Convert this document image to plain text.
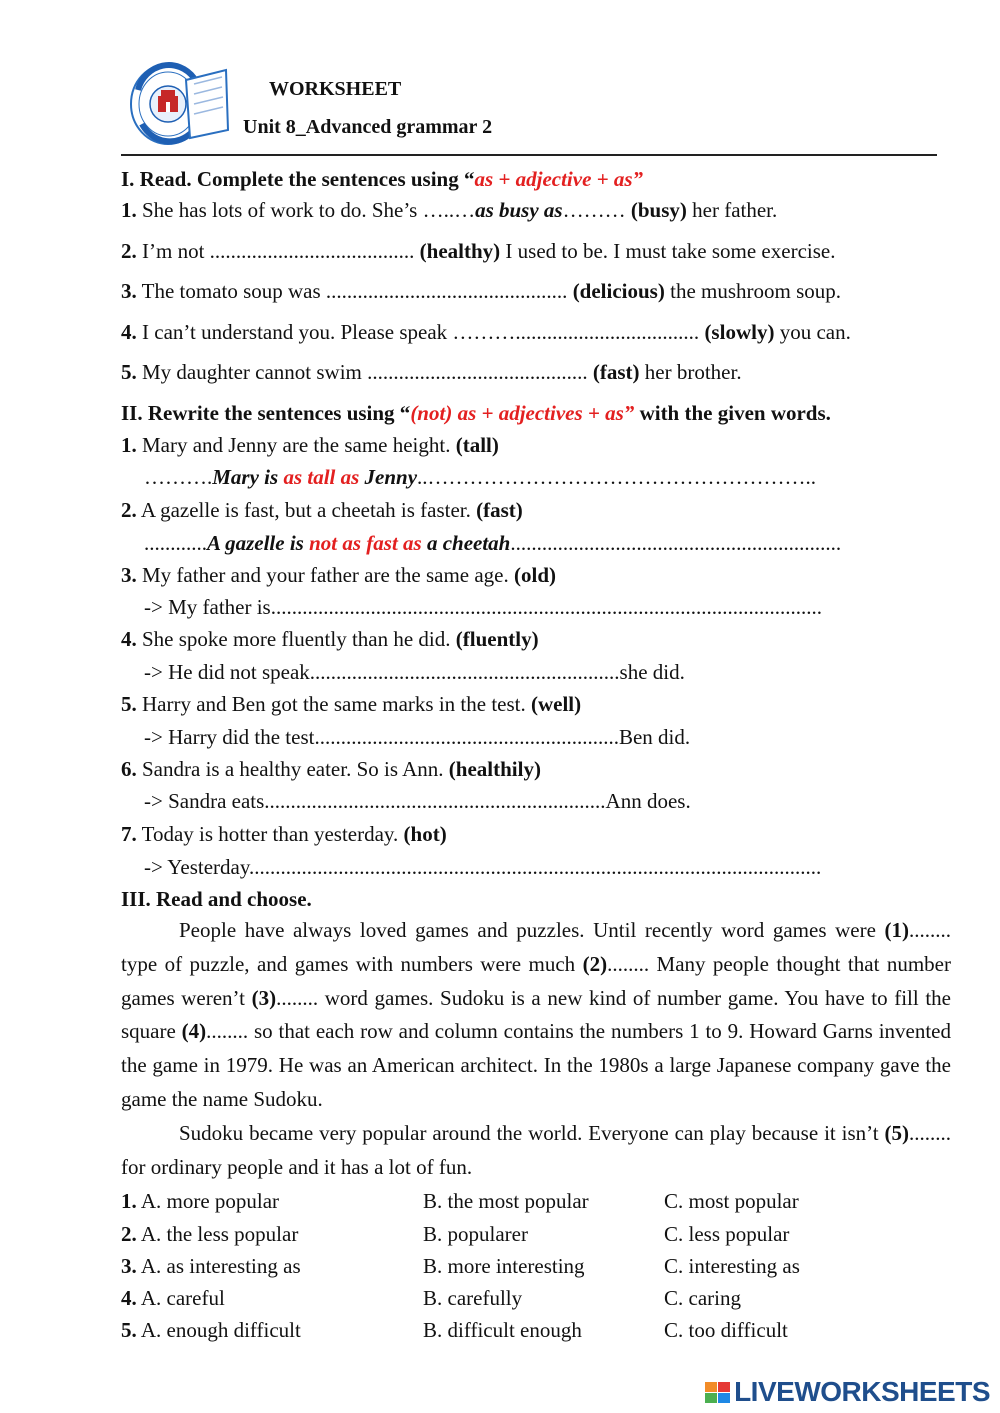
WORKSHEET
Unit 8_Advanced grammar 2
I. Read. Complete the sentences using “as + adjective + as”
1. She has lots of work to do. She’s …..…as busy as……… (busy) her father.
2. I’m not ....................................... (healthy) I used to be. I must take some exercise.
3. The tomato soup was .............................................. (delicious) the mushroom soup.
4. I can’t understand you. Please speak ………................................... (slowly) you can.
5. My daughter cannot swim .......................................... (fast) her brother.
II. Rewrite the sentences using “(not) as + adjectives + as” with the given words.
1. Mary and Jenny are the same height. (tall)
……….Mary is as tall as Jenny..………………………………………………..
2. A gazelle is fast, but a cheetah is faster. (fast)
............A gazelle is not as fast as a cheetah...............................................................
3. My father and your father are the same age. (old)
-> My father is.........................................................................................................
4. She spoke more fluently than he did. (fluently)
-> He did not speak...........................................................she did.
5. Harry and Ben got the same marks in the test. (well)
-> Harry did the test..........................................................Ben did.
6. Sandra is a healthy eater. So is Ann. (healthily)
-> Sandra eats.................................................................Ann does.
7. Today is hotter than yesterday. (hot)
-> Yesterday.............................................................................................................
III. Read and choose.
People have always loved games and puzzles. Until recently word games were (1)........ type of puzzle, and games with numbers were much (2)........ Many people thought that number games weren’t (3)........ word games. Sudoku is a new kind of number game. You have to fill the square (4)........ so that each row and column contains the numbers 1 to 9. Howard Garns invented the game in 1979. He was an American architect. In the 1980s a large Japanese company gave the game the name Sudoku.
Sudoku became very popular around the world. Everyone can play because it isn’t (5)........ for ordinary people and it has a lot of fun.
1. A. more popular	B. the most popular	C. most popular
2. A. the less popular	B. popularer	C. less popular
3. A. as interesting as	B. more interesting	C. interesting as
4. A. careful	B. carefully	C. caring
5. A. enough difficult	B. difficult enough	C. too difficult
LIVEWORKSHEETS
